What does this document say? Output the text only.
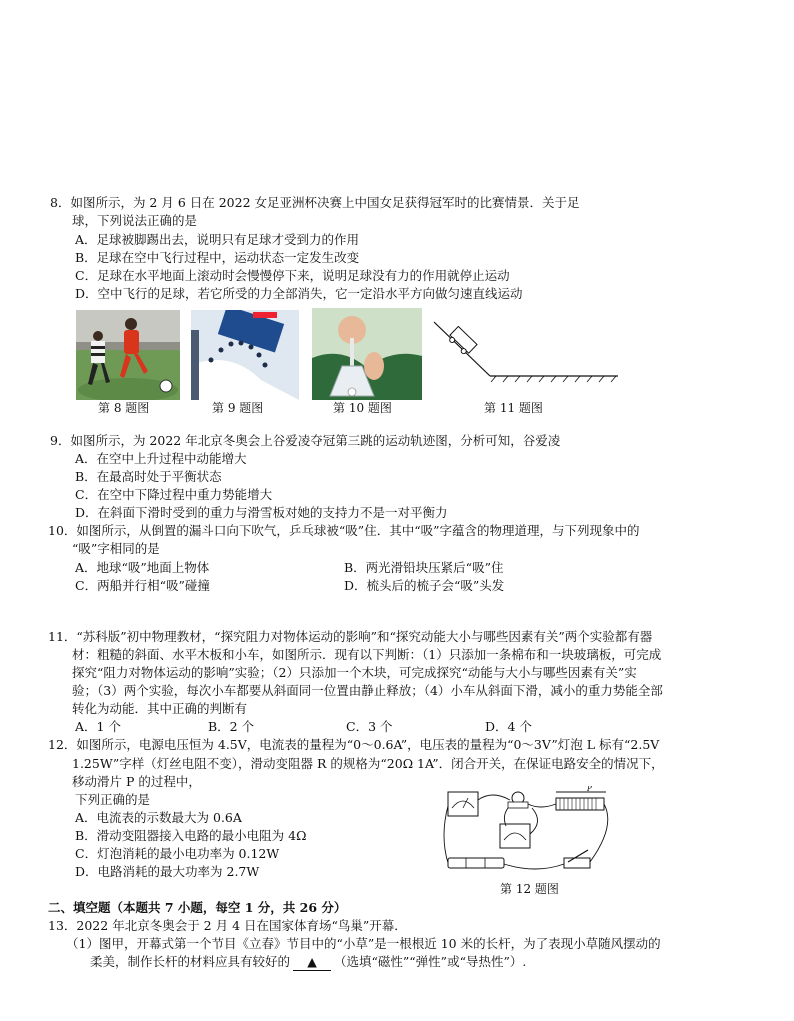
8．如图所示，为 2 月 6 日在 2022 女足亚洲杯决赛上中国女足获得冠军时的比赛情景．关于足
球，下列说法正确的是
A．足球被脚踢出去，说明只有足球才受到力的作用
B．足球在空中飞行过程中，运动状态一定发生改变
C．足球在水平地面上滚动时会慢慢停下来，说明足球没有力的作用就停止运动
D．空中飞行的足球，若它所受的力全部消失，它一定沿水平方向做匀速直线运动
第 8 题图	第 9 题图	第 10 题图	第 11 题图
9．如图所示，为 2022 年北京冬奥会上谷爱凌夺冠第三跳的运动轨迹图，分析可知，谷爱凌
A．在空中上升过程中动能增大
B．在最高时处于平衡状态
C．在空中下降过程中重力势能增大
D．在斜面下滑时受到的重力与滑雪板对她的支持力不是一对平衡力
10．如图所示，从倒置的漏斗口向下吹气，乒乓球被“吸”住．其中“吸”字蕴含的物理道理，与下列现象中的
“吸”字相同的是
A．地球“吸”地面上物体	B．两光滑铅块压紧后“吸”住
C．两船并行相“吸”碰撞	D．梳头后的梳子会“吸”头发
11．“苏科版”初中物理教材，“探究阻力对物体运动的影响”和“探究动能大小与哪些因素有关”两个实验都有器
材：粗糙的斜面、水平木板和小车，如图所示．现有以下判断：（1）只添加一条棉布和一块玻璃板，可完成
探究“阻力对物体运动的影响”实验；（2）只添加一个木块，可完成探究“动能与大小与哪些因素有关”实
验；（3）两个实验，每次小车都要从斜面同一位置由静止释放；（4）小车从斜面下滑，减小的重力势能全部
转化为动能．其中正确的判断有
A．1 个	B．2 个	C．3 个	D．4 个
12．如图所示，电源电压恒为 4.5V，电流表的量程为“0～0.6A”，电压表的量程为“0～3V”灯泡 L 标有“2.5V
1.25W”字样（灯丝电阻不变），滑动变阻器 R 的规格为“20Ω 1A”．闭合开关，在保证电路安全的情况下，
移动滑片 P 的过程中，
下列正确的是
A．电流表的示数最大为 0.6A
B．滑动变阻器接入电路的最小电阻为 4Ω
C．灯泡消耗的最小电功率为 0.12W
D．电路消耗的最大功率为 2.7W
P
第 12 题图
二、填空题（本题共 7 小题，每空 1 分，共 26 分）
13．2022 年北京冬奥会于 2 月 4 日在国家体育场“鸟巢”开幕．
（1）图甲，开幕式第一个节目《立春》节目中的“小草”是一根根近 10 米的长杆，为了表现小草随风摆动的
柔美，制作长杆的材料应具有较好的 ▲ （选填“磁性”“弹性”或“导热性”）.
